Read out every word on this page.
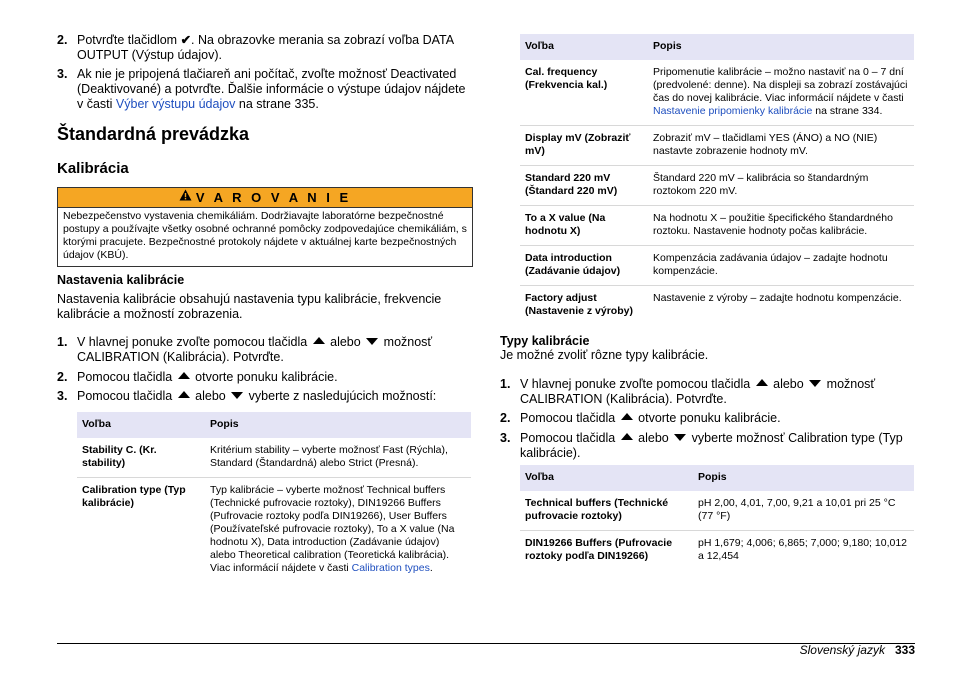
2. Potvrďte tlačidlom ✔. Na obrazovke merania sa zobrazí voľba DATA OUTPUT (Výstup údajov).
3. Ak nie je pripojená tlačiareň ani počítač, zvoľte možnosť Deactivated (Deaktivované) a potvrďte. Ďalšie informácie o výstupe údajov nájdete v časti Výber výstupu údajov na strane 335.
Štandardná prevádzka
Kalibrácia
V A R O V A N I E
Nebezpečenstvo vystavenia chemikáliám. Dodržiavajte laboratórne bezpečnostné postupy a používajte všetky osobné ochranné pomôcky zodpovedajúce chemikáliám, s ktorými pracujete. Bezpečnostné protokoly nájdete v aktuálnej karte bezpečnostných údajov (KBÚ).
Nastavenia kalibrácie
Nastavenia kalibrácie obsahujú nastavenia typu kalibrácie, frekvencie kalibrácie a možností zobrazenia.
1. V hlavnej ponuke zvoľte pomocou tlačidla  alebo  možnosť CALIBRATION (Kalibrácia). Potvrďte.
2. Pomocou tlačidla  otvorte ponuku kalibrácie.
3. Pomocou tlačidla  alebo  vyberte z nasledujúcich možností:
Voľba	Popis
Stability C. (Kr. stability)	Kritérium stability – vyberte možnosť Fast (Rýchla), Standard (Štandardná) alebo Strict (Presná).
Calibration type (Typ kalibrácie)	Typ kalibrácie – vyberte možnosť Technical buffers (Technické pufrovacie roztoky), DIN19266 Buffers (Pufrovacie roztoky podľa DIN19266), User Buffers (Používateľské pufrovacie roztoky), To a X value (Na hodnotu X), Data introduction (Zadávanie údajov) alebo Theoretical calibration (Teoretická kalibrácia). Viac informácií nájdete v časti Calibration types.
Voľba	Popis
Cal. frequency (Frekvencia kal.)	Pripomenutie kalibrácie – možno nastaviť na 0 – 7 dní (predvolené: denne). Na displeji sa zobrazí zostávajúci čas do novej kalibrácie. Viac informácií nájdete v časti Nastavenie pripomienky kalibrácie na strane 334.
Display mV (Zobraziť mV)	Zobraziť mV – tlačidlami YES (ÁNO) a NO (NIE) nastavte zobrazenie hodnoty mV.
Standard 220 mV (Štandard 220 mV)	Štandard 220 mV – kalibrácia so štandardným roztokom 220 mV.
To a X value (Na hodnotu X)	Na hodnotu X – použitie špecifického štandardného roztoku. Nastavenie hodnoty počas kalibrácie.
Data introduction (Zadávanie údajov)	Kompenzácia zadávania údajov – zadajte hodnotu kompenzácie.
Factory adjust (Nastavenie z výroby)	Nastavenie z výroby – zadajte hodnotu kompenzácie.
Typy kalibrácie
Je možné zvoliť rôzne typy kalibrácie.
1. V hlavnej ponuke zvoľte pomocou tlačidla  alebo  možnosť CALIBRATION (Kalibrácia). Potvrďte.
2. Pomocou tlačidla  otvorte ponuku kalibrácie.
3. Pomocou tlačidla  alebo  vyberte možnosť Calibration type (Typ kalibrácie).
Voľba	Popis
Technical buffers (Technické pufrovacie roztoky)	pH 2,00, 4,01, 7,00, 9,21 a 10,01 pri 25 °C (77 °F)
DIN19266 Buffers (Pufrovacie roztoky podľa DIN19266)	pH 1,679; 4,006; 6,865; 7,000; 9,180; 10,012 a 12,454
Slovenský jazyk 333
